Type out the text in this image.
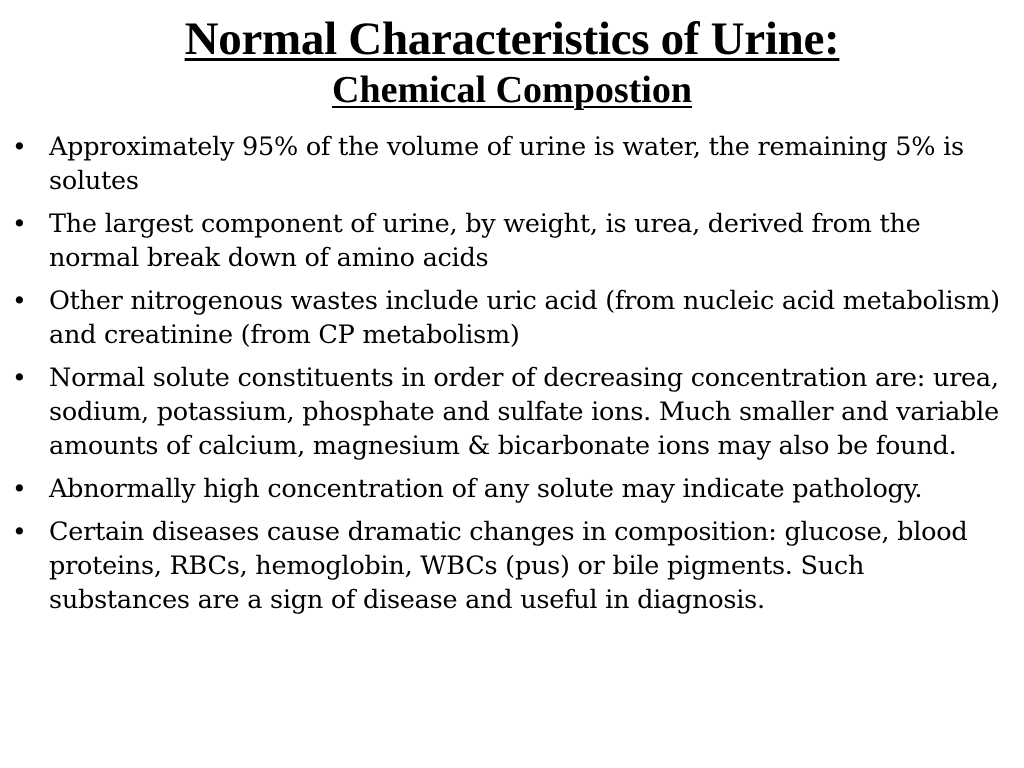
Normal Characteristics of Urine:
Chemical Compostion
• Approximately 95% of the volume of urine is water, the remaining 5% is solutes
• The largest component of urine, by weight, is urea, derived from the normal break down of amino acids
• Other nitrogenous wastes include uric acid (from nucleic acid metabolism) and creatinine (from CP metabolism)
• Normal solute constituents in order of decreasing concentration are: urea, sodium, potassium, phosphate and sulfate ions. Much smaller and variable amounts of calcium, magnesium & bicarbonate ions may also be found.
• Abnormally high concentration of any solute may indicate pathology.
• Certain diseases cause dramatic changes in composition: glucose, blood proteins, RBCs, hemoglobin, WBCs (pus) or bile pigments. Such substances are a sign of disease and useful in diagnosis.
